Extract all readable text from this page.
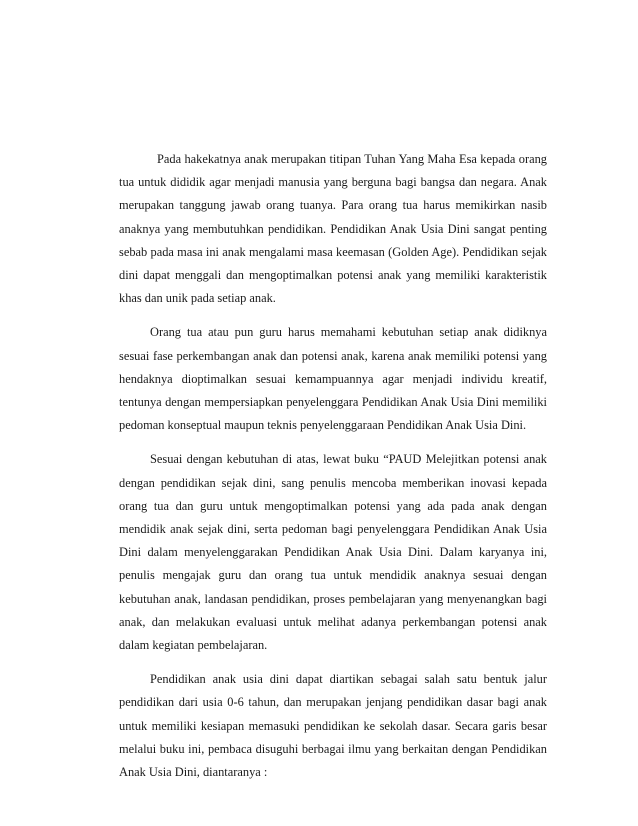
Pada hakekatnya anak merupakan titipan Tuhan Yang Maha Esa kepada orang tua untuk dididik agar menjadi manusia yang berguna bagi bangsa dan negara. Anak merupakan tanggung jawab orang tuanya. Para orang tua harus memikirkan nasib anaknya yang membutuhkan pendidikan. Pendidikan Anak Usia Dini sangat penting sebab pada masa ini anak mengalami masa keemasan (Golden Age). Pendidikan sejak dini dapat menggali dan mengoptimalkan potensi anak yang memiliki karakteristik khas dan unik pada setiap anak.

Orang tua atau pun guru harus memahami kebutuhan setiap anak didiknya sesuai fase perkembangan anak dan potensi anak, karena anak memiliki potensi yang hendaknya dioptimalkan sesuai kemampuannya agar menjadi individu kreatif, tentunya dengan mempersiapkan penyelenggara Pendidikan Anak Usia Dini memiliki pedoman konseptual maupun teknis penyelenggaraan Pendidikan Anak Usia Dini.

Sesuai dengan kebutuhan di atas, lewat buku “PAUD Melejitkan potensi anak dengan pendidikan sejak dini, sang penulis mencoba memberikan inovasi kepada orang tua dan guru untuk mengoptimalkan potensi yang ada pada anak dengan mendidik anak sejak dini, serta pedoman bagi penyelenggara Pendidikan Anak Usia Dini dalam menyelenggarakan Pendidikan Anak Usia Dini. Dalam karyanya ini, penulis mengajak guru dan orang tua untuk mendidik anaknya sesuai dengan kebutuhan anak, landasan pendidikan, proses pembelajaran yang menyenangkan bagi anak, dan melakukan evaluasi untuk melihat adanya perkembangan potensi anak dalam kegiatan pembelajaran.

Pendidikan anak usia dini dapat diartikan sebagai salah satu bentuk jalur pendidikan dari usia 0-6 tahun, dan merupakan jenjang pendidikan dasar bagi anak untuk memiliki kesiapan memasuki pendidikan ke sekolah dasar. Secara garis besar melalui buku ini, pembaca disuguhi berbagai ilmu yang berkaitan dengan Pendidikan Anak Usia Dini, diantaranya :
